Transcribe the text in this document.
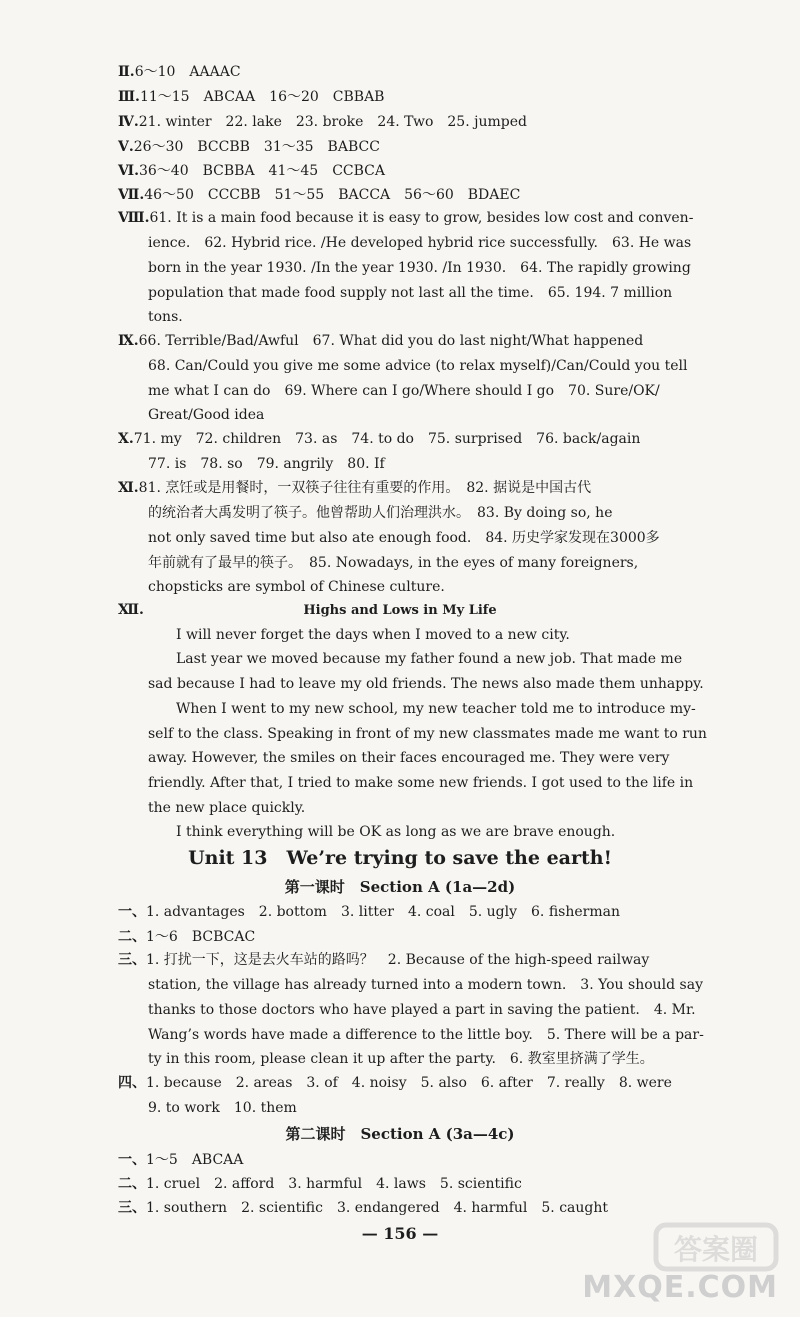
Ⅱ.6～10　AAAAC
Ⅲ.11～15　ABCAA　16～20　CBBAB
Ⅳ.21. winter　22. lake　23. broke　24. Two　25. jumped
Ⅴ.26～30　BCCBB　31～35　BABCC
Ⅵ.36～40　BCBBA　41～45　CCBCA
Ⅶ.46～50　CCCBB　51～55　BACCA　56～60　BDAEC
Ⅷ.61. It is a main food because it is easy to grow, besides low cost and conven-
ience.　62. Hybrid rice. /He developed hybrid rice successfully.　63. He was
born in the year 1930. /In the year 1930. /In 1930.　64. The rapidly growing
population that made food supply not last all the time.　65. 194. 7 million
tons.
Ⅸ.66. Terrible/Bad/Awful　67. What did you do last night/What happened
68. Can/Could you give me some advice (to relax myself)/Can/Could you tell
me what I can do　69. Where can I go/Where should I go　70. Sure/OK/
Great/Good idea
Ⅹ.71. my　72. children　73. as　74. to do　75. surprised　76. back/again
77. is　78. so　79. angrily　80. If
Ⅺ.81. 烹饪或是用餐时，一双筷子往往有重要的作用。　82. 据说是中国古代
的统治者大禹发明了筷子。他曾帮助人们治理洪水。　83. By doing so, he
not only saved time but also ate enough food.　84. 历史学家发现在3000多
年前就有了最早的筷子。　85. Nowadays, in the eyes of many foreigners,
chopsticks are symbol of Chinese culture.
Ⅻ.	Highs and Lows in My Life
　　I will never forget the days when I moved to a new city.
　　Last year we moved because my father found a new job. That made me
sad because I had to leave my old friends. The news also made them unhappy.
　　When I went to my new school, my new teacher told me to introduce my-
self to the class. Speaking in front of my new classmates made me want to run
away. However, the smiles on their faces encouraged me. They were very
friendly. After that, I tried to make some new friends. I got used to the life in
the new place quickly.
　　I think everything will be OK as long as we are brave enough.
Unit 13　We’re trying to save the earth!
第一课时　Section A (1a—2d)
一、1. advantages　2. bottom　3. litter　4. coal　5. ugly　6. fisherman
二、1～6　BCBCAC
三、1. 打扰一下，这是去火车站的路吗？　2. Because of the high-speed railway
station, the village has already turned into a modern town.　3. You should say
thanks to those doctors who have played a part in saving the patient.　4. Mr.
Wang’s words have made a difference to the little boy.　5. There will be a par-
ty in this room, please clean it up after the party.　6. 教室里挤满了学生。
四、1. because　2. areas　3. of　4. noisy　5. also　6. after　7. really　8. were
9. to work　10. them
第二课时　Section A (3a—4c)
一、1～5　ABCAA
二、1. cruel　2. afford　3. harmful　4. laws　5. scientific
三、1. southern　2. scientific　3. endangered　4. harmful　5. caught
— 156 —	答案圈
MXQE.COM
